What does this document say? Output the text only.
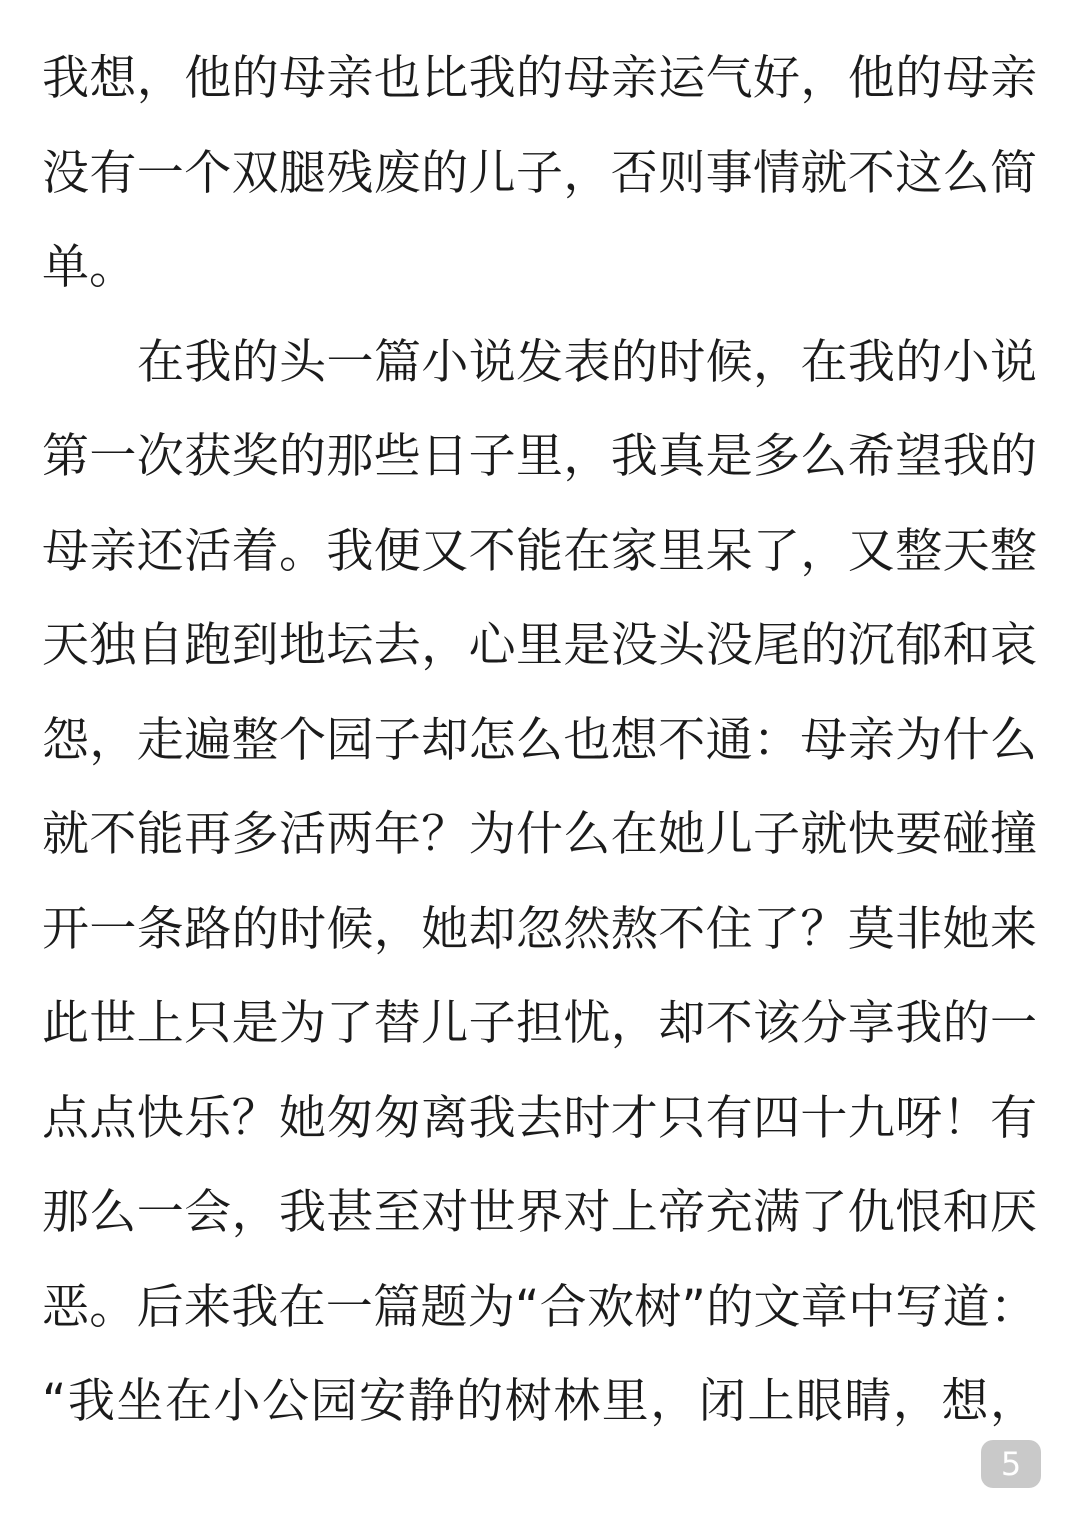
我想，他的母亲也比我的母亲运气好，他的母亲
没有一个双腿残废的儿子，否则事情就不这么简
单。
在我的头一篇小说发表的时候，在我的小说
第一次获奖的那些日子里，我真是多么希望我的
母亲还活着。我便又不能在家里呆了，又整天整
天独自跑到地坛去，心里是没头没尾的沉郁和哀
怨，走遍整个园子却怎么也想不通：母亲为什么
就不能再多活两年？为什么在她儿子就快要碰撞
开一条路的时候，她却忽然熬不住了？莫非她来
此世上只是为了替儿子担忧，却不该分享我的一
点点快乐？她匆匆离我去时才只有四十九呀！有
那么一会，我甚至对世界对上帝充满了仇恨和厌
恶。后来我在一篇题为“合欢树”的文章中写道：
“我坐在小公园安静的树林里，闭上眼睛，想，
5
